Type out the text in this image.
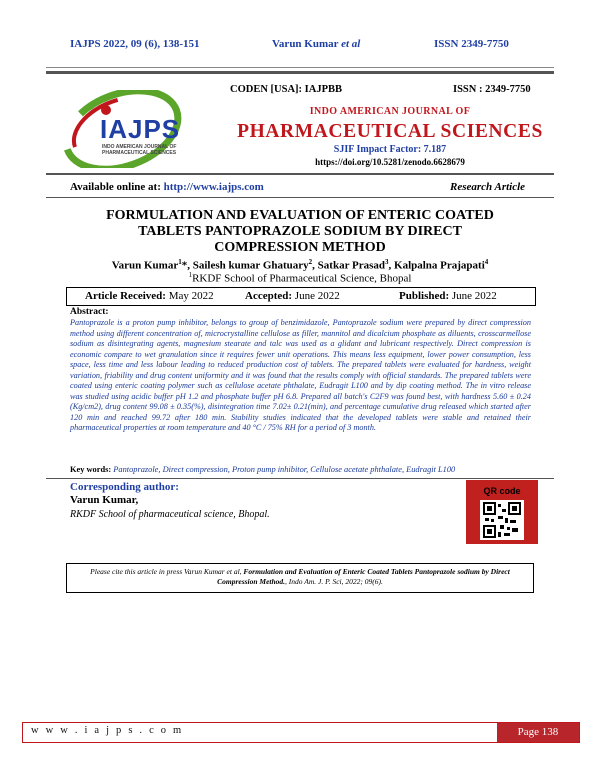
IAJPS 2022, 09 (6), 138-151	Varun Kumar et al	ISSN 2349-7750
IAJPS
INDO AMERICAN JOURNAL OF
PHARMACEUTICAL SCIENCES
CODEN [USA]: IAJPBB	ISSN : 2349-7750
INDO AMERICAN JOURNAL OF
PHARMACEUTICAL SCIENCES
SJIF Impact Factor: 7.187
https://doi.org/10.5281/zenodo.6628679
Available online at: http://www.iajps.com	Research Article
FORMULATION AND EVALUATION OF ENTERIC COATED
TABLETS PANTOPRAZOLE SODIUM BY DIRECT
COMPRESSION METHOD
Varun Kumar$^1$*, Sailesh kumar Ghatuary$^2$, Satkar Prasad$^3$, Kalpalna Prajapati$^4$
$^1$RKDF School of Pharmaceutical Science, Bhopal
Article Received: May 2022	Accepted: June 2022	Published: June 2022
Abstract:
Pantoprazole is a proton pump inhibitor, belongs to group of benzimidazole, Pantoprazole sodium were prepared by direct compression method using different concentration of, microcrystalline cellulose as filler, mannitol and dicalcium phosphate as diluents, crosscarmellose sodium as disintegrating agents, magnesium stearate and talc was used as a glidant and lubricant respectively. Direct compression is economic compare to wet granulation since it requires fewer unit operations. This means less equipment, lower power consumption, less space, less time and less labour leading to reduced production cost of tablets. The prepared tablets were evaluated for hardness, weight variation, friability and drug content uniformity and it was found that the results comply with official standards. The prepared tablets were coated using enteric coating polymer such as cellulose acetate phthalate, Eudragit L100 and by dip coating method. The in vitro release was studied using acidic buffer pH 1.2 and phosphate buffer pH 6.8. Prepared all batch's C2F9 was found best, with hardness 5.60 ± 0.24 (Kg/cm2), drug content 99.08 ± 0.35(%), disintegration time 7.02± 0.21(min), and percentage cumulative drug released which started after 120 min and reached 99.72 after 180 min. Stability studies indicated that the developed tablets were stable and retained their pharmaceutical properties at room temperature and 40 °C / 75% RH for a period of 3 month.
Key words: Pantoprazole, Direct compression, Proton pump inhibitor, Cellulose acetate phthalate, Eudragit L100
Corresponding author:
Varun Kumar,
RKDF School of pharmaceutical science, Bhopal.
QR code
Please cite this article in press Varun Kumar et al, Formulation and Evaluation of Enteric Coated Tablets Pantoprazole sodium by Direct Compression Method., Indo Am. J. P. Sci, 2022; 09(6).
w w w . i a j p s . c o m	Page 138
